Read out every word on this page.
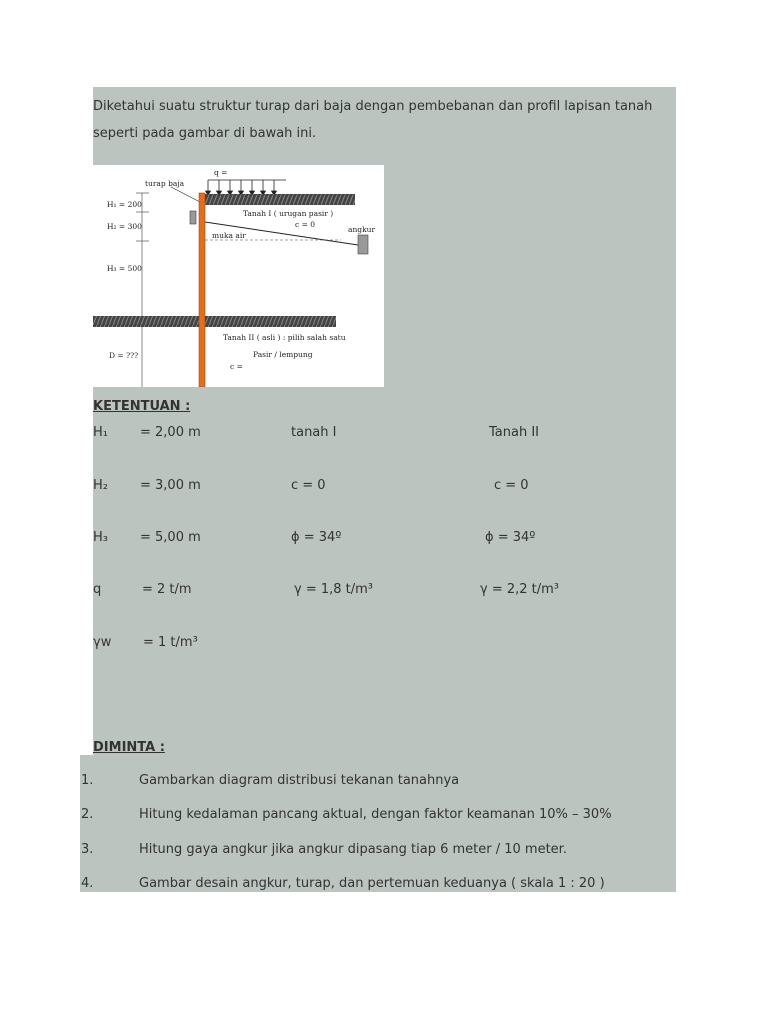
Diketahui suatu struktur turap dari baja dengan pembebanan dan profil lapisan tanah
seperti pada gambar di bawah ini.
q =
turap baja
H₁ = 200
H₂ = 300
H₃ = 500
D = ???
Tanah I ( urugan pasir )
c = 0
angkur
muka air
Tanah II ( asli ) : pilih salah satu
Pasir / lempung
c =
KETENTUAN :
H₁ = 2,00 m	tanah I	Tanah II
H₂ = 3,00 m	c = 0	c = 0
H₃ = 5,00 m	ϕ = 34º	ϕ = 34º
q	= 2 t/m	γ = 1,8 t/m³	γ = 2,2 t/m³
γw = 1 t/m³
DIMINTA :
1.	Gambarkan diagram distribusi tekanan tanahnya
2.	Hitung kedalaman pancang aktual, dengan faktor keamanan 10% – 30%
3.	Hitung gaya angkur jika angkur dipasang tiap 6 meter / 10 meter.
4.	Gambar desain angkur, turap, dan pertemuan keduanya ( skala 1 : 20 )
